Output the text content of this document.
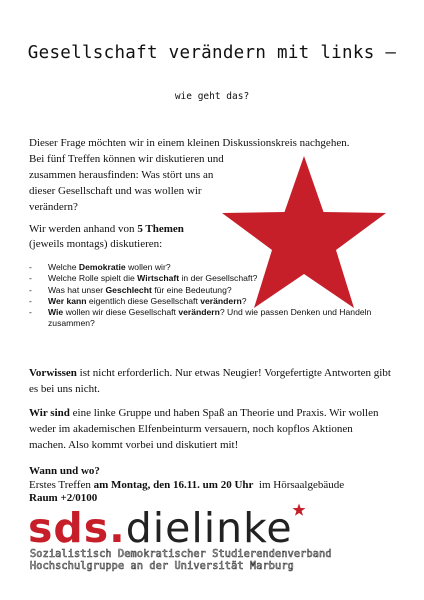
Gesellschaft verändern mit links –
wie geht das?
Dieser Frage möchten wir in einem kleinen Diskussionskreis nachgehen.
Bei fünf Treffen können wir diskutieren und zusammen herausfinden: Was stört uns an dieser Gesellschaft und was wollen wir verändern?
Wir werden anhand von 5 Themen
(jeweils montags) diskutieren:
- Welche Demokratie wollen wir?
- Welche Rolle spielt die Wirtschaft in der Gesellschaft?
- Was hat unser Geschlecht für eine Bedeutung?
- Wer kann eigentlich diese Gesellschaft verändern?
- Wie wollen wir diese Gesellschaft verändern? Und wie passen Denken und Handeln zusammen?
Vorwissen ist nicht erforderlich. Nur etwas Neugier! Vorgefertigte Antworten gibt es bei uns nicht.
Wir sind eine linke Gruppe und haben Spaß an Theorie und Praxis. Wir wollen weder im akademischen Elfenbeinturm versauern, noch kopflos Aktionen machen. Also kommt vorbei und diskutiert mit!
Wann und wo?
Erstes Treffen am Montag, den 16.11. um 20 Uhr  im Hörsaalgebäude
Raum +2/0100
sds.dielinke
Sozialistisch Demokratischer Studierendenverband
Hochschulgruppe an der Universität Marburg
